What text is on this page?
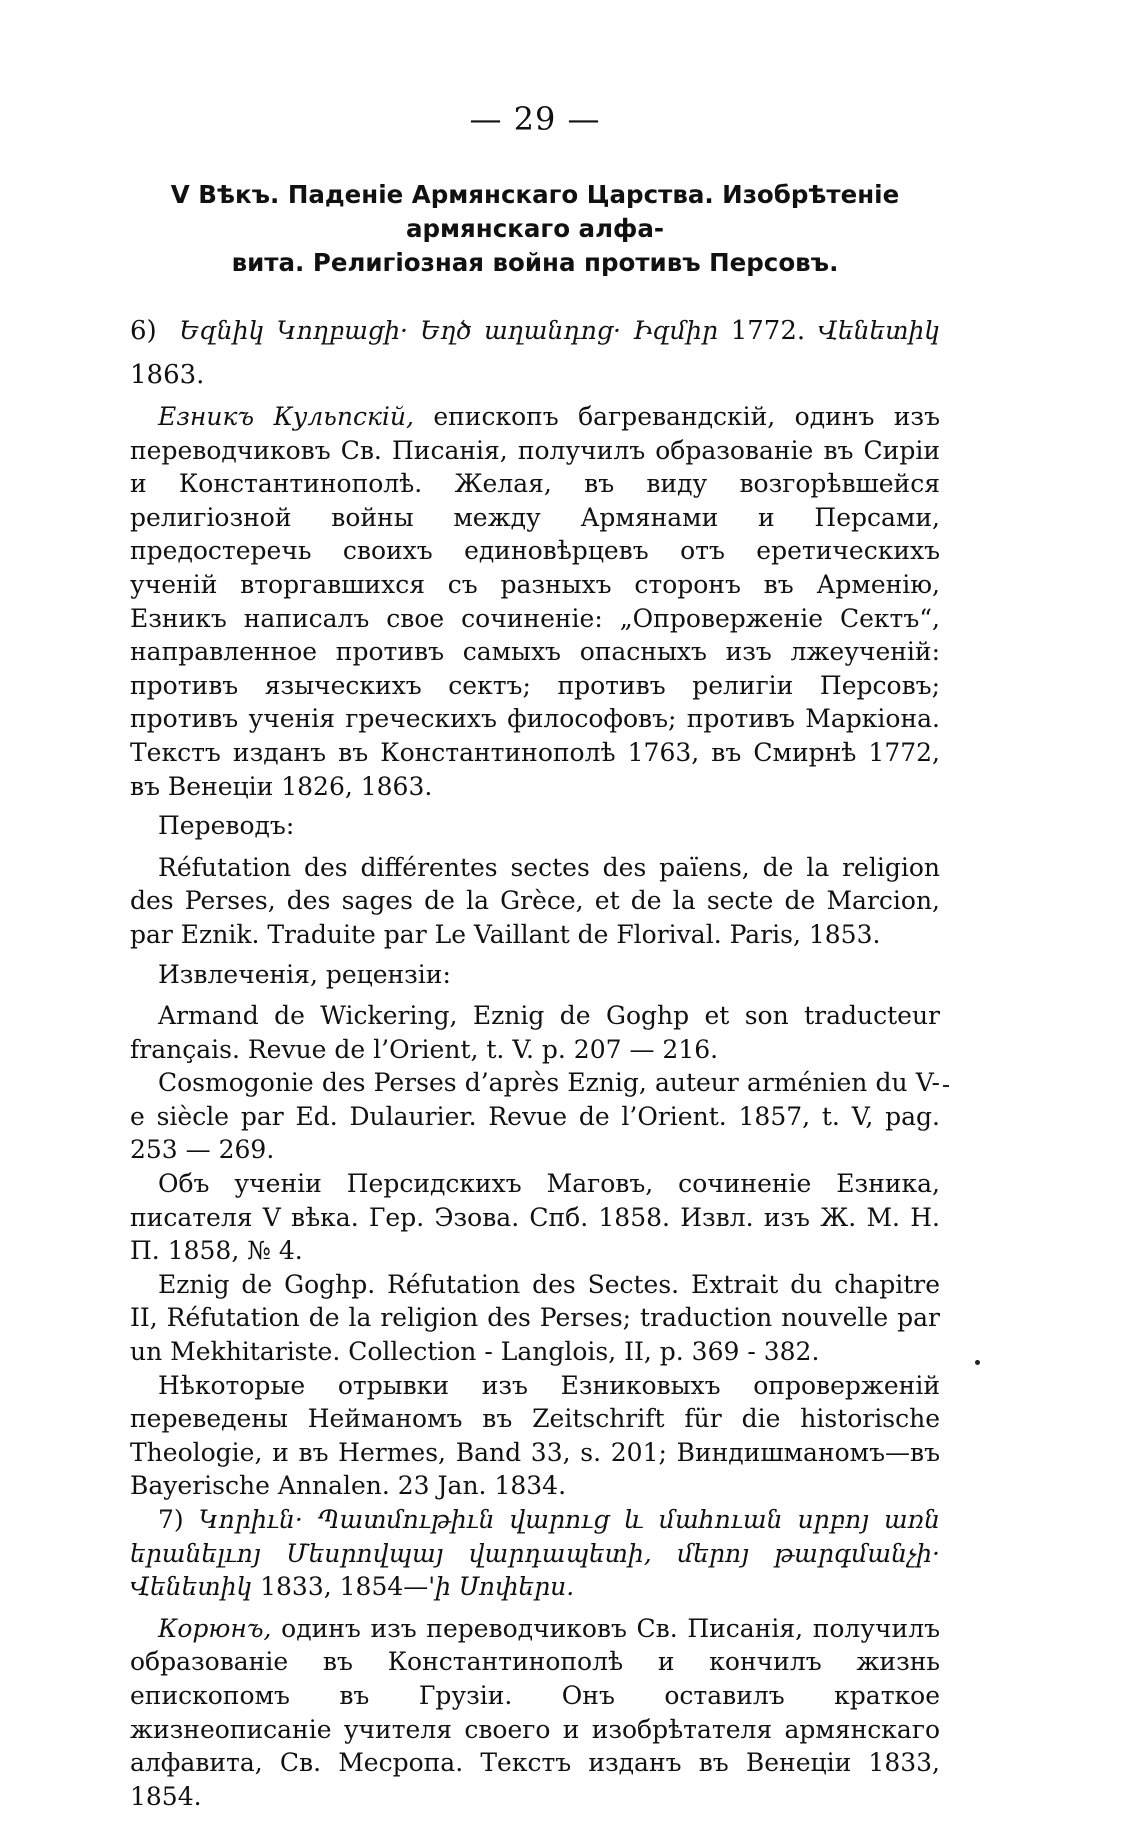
— 29 —
V Вѣкъ. Паденіе Армянскаго Царства. Изобрѣтеніе армянскаго алфа-
вита. Религіозная война противъ Персовъ.
6) Եզնիկ Կողբացի· Եղծ աղանդոց· Իզմիր 1772. Վենետիկ
1863.

Езникъ Кульпскій, епископъ багревандскій, одинъ изъ переводчиковъ Св. Писанія, получилъ образованіе въ Сиріи и Константинополѣ. Желая, въ виду возгорѣвшейся религіозной войны между Армянами и Персами, предостеречь своихъ единовѣрцевъ отъ еретическихъ ученій вторгавшихся съ разныхъ сторонъ въ Арменію, Езникъ написалъ свое сочиненіе: „Опроверженіе Сектъ“, направленное противъ самыхъ опасныхъ изъ лжеученій: противъ языческихъ сектъ; противъ религіи Персовъ; противъ ученія греческихъ философовъ; противъ Маркіона. Текстъ изданъ въ Константинополѣ 1763, въ Смирнѣ 1772, въ Венеціи 1826, 1863.

Переводъ:

Réfutation des différentes sectes des païens, de la religion des Perses, des sages de la Grèce, et de la secte de Marcion, par Eznik. Traduite par Le Vaillant de Florival. Paris, 1853.

Извлеченія, рецензіи:

Armand de Wickering, Eznig de Goghp et son traducteur français. Revue de l’Orient, t. V. p. 207 — 216.

Cosmogonie des Perses d’après Eznig, auteur arménien du V-e siècle par Ed. Dulaurier. Revue de l’Orient. 1857, t. V, pag. 253 — 269.

Объ ученіи Персидскихъ Маговъ, сочиненіе Езника, писателя V вѣка. Гер. Эзова. Спб. 1858. Извл. изъ Ж. М. Н. П. 1858, № 4.

Eznig de Goghp. Réfutation des Sectes. Extrait du chapitre II, Réfutation de la religion des Perses; traduction nouvelle par un Mekhitariste. Collection - Langlois, II, p. 369 - 382.

Нѣкоторые отрывки изъ Езниковыхъ опроверженій переведены Нейманомъ въ Zeitschrift für die historische Theologie, и въ Hermes, Band 33, s. 201; Виндишманомъ—въ Bayerische Annalen. 23 Jan. 1834.

7) Կորիւն· Պատմութիւն վարուց և մահուան սրբոյ առն երանելւոյ Մեսրովպայ վարդապետի, մերոյ թարգմանչի· Վենետիկ 1833, 1854—'ի Սոփերս.

Корюнъ, одинъ изъ переводчиковъ Св. Писанія, получилъ образованіе въ Константинополѣ и кончилъ жизнь епископомъ въ Грузіи. Онъ оставилъ краткое жизнеописаніе учителя своего и изобрѣтателя армянскаго алфавита, Св. Месропа. Текстъ изданъ въ Венеціи 1833, 1854.
